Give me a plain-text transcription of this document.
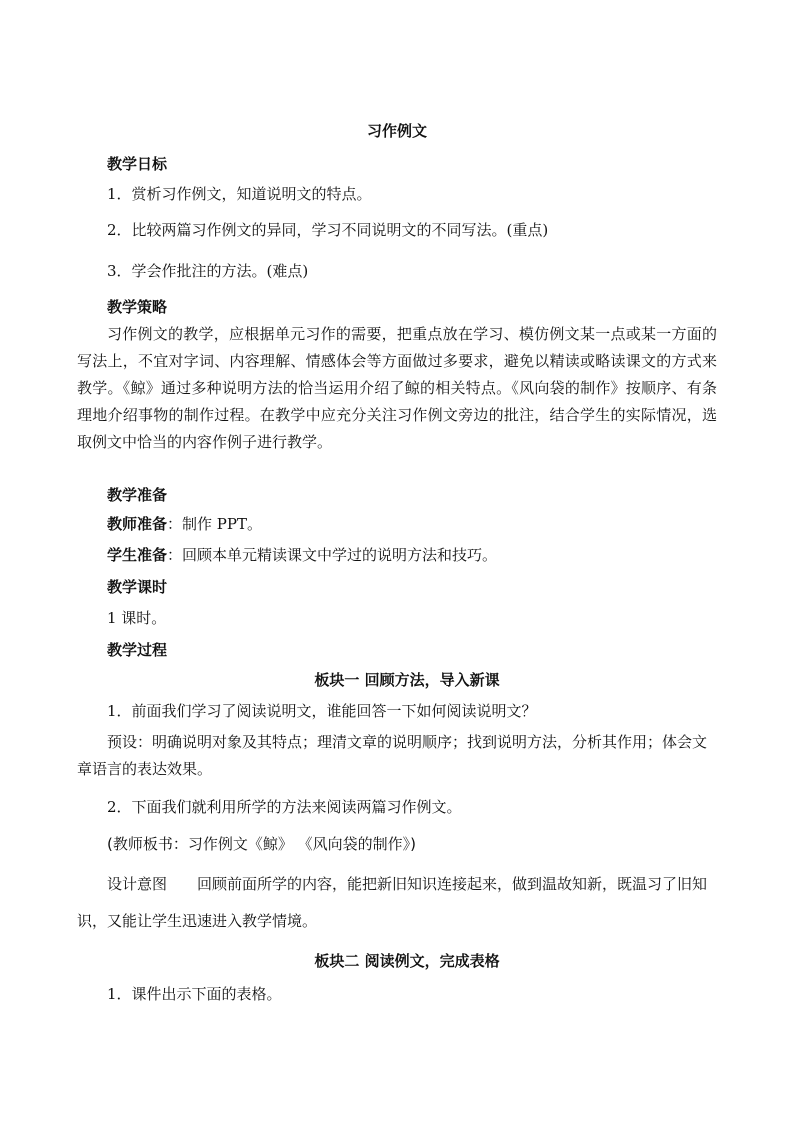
习作例文
教学日标
1．赏析习作例文，知道说明文的特点。
2．比较两篇习作例文的异同，学习不同说明文的不同写法。(重点)
3．学会作批注的方法。(难点)
教学策略
习作例文的教学，应根据单元习作的需要，把重点放在学习、模仿例文某一点或某一方面的写法上，不宜对字词、内容理解、情感体会等方面做过多要求，避免以精读或略读课文的方式来教学。《鲸》通过多种说明方法的恰当运用介绍了鲸的相关特点。《风向袋的制作》按顺序、有条理地介绍事物的制作过程。在教学中应充分关注习作例文旁边的批注，结合学生的实际情况，选取例文中恰当的内容作例子进行教学。
教学准备
教师准备：制作 PPT。
学生准备：回顾本单元精读课文中学过的说明方法和技巧。
教学课时
1 课时。
教学过程
板块一 回顾方法，导入新课
1．前面我们学习了阅读说明文，谁能回答一下如何阅读说明文？
预设：明确说明对象及其特点；理清文章的说明顺序；找到说明方法，分析其作用；体会文章语言的表达效果。
2．下面我们就利用所学的方法来阅读两篇习作例文。
(教师板书：习作例文《鲸》 《风向袋的制作》)
设计意图 回顾前面所学的内容，能把新旧知识连接起来，做到温故知新，既温习了旧知识，又能让学生迅速进入教学情境。
板块二 阅读例文，完成表格
1．课件出示下面的表格。
